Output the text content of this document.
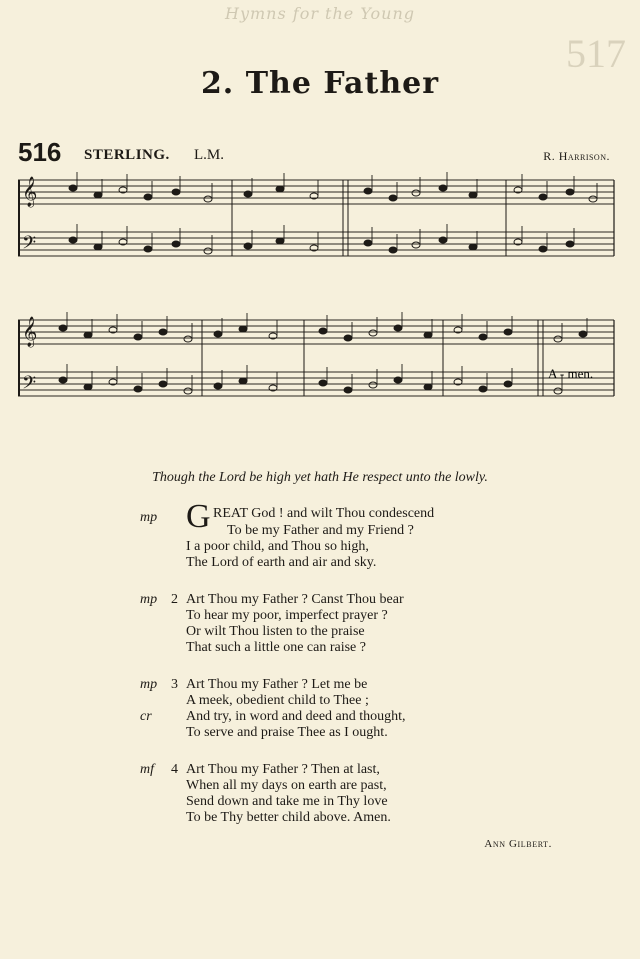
Hymns for the Young
517
2. The Father
516 STERLING. L.M.	R. Harrison.
𝄞
𝄢
𝄞
𝄢	A - men.
Though the Lord be high yet hath He respect unto the lowly.
mp G REAT God ! and wilt Thou condescend
To be my Father and my Friend ?
I a poor child, and Thou so high,
The Lord of earth and air and sky.
mp 2 Art Thou my Father ? Canst Thou bear
To hear my poor, imperfect prayer ?
Or wilt Thou listen to the praise
That such a little one can raise ?
mp 3 Art Thou my Father ? Let me be
A meek, obedient child to Thee ;
cr And try, in word and deed and thought,
To serve and praise Thee as I ought.
mf 4 Art Thou my Father ? Then at last,
When all my days on earth are past,
Send down and take me in Thy love
To be Thy better child above. Amen.
Ann Gilbert.
